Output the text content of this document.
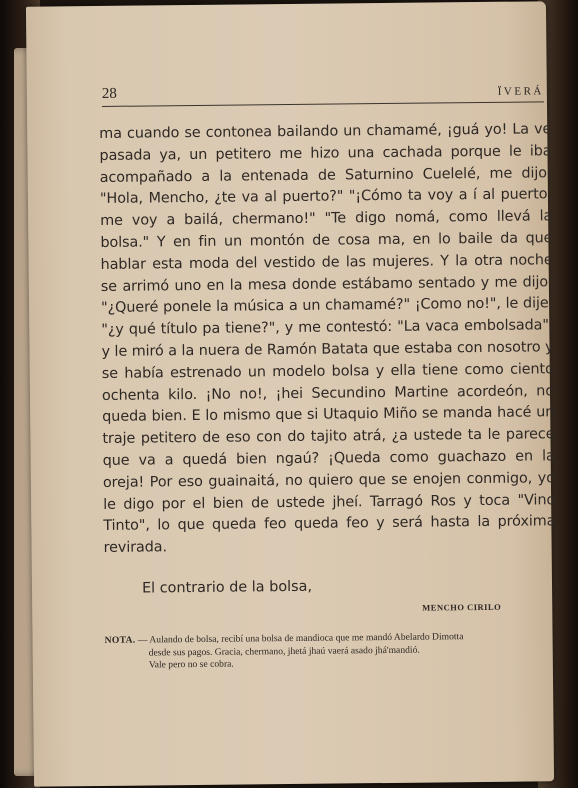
28	ÏVERÁ

ma cuando se contonea bailando un chamamé, ¡guá yo! La ve pasada ya, un petitero me hizo una cachada porque le iba acompañado a la entenada de Saturnino Cuelelé, me dijo: "Hola, Mencho, ¿te va al puerto?" "¡Cómo ta voy a í al puerto, me voy a bailá, chermano!" "Te digo nomá, como llevá la bolsa." Y en fin un montón de cosa ma, en lo baile da que hablar esta moda del vestido de las mujeres. Y la otra noche se arrimó uno en la mesa donde estábamo sentado y me dijo: "¿Queré ponele la música a un chamamé?" ¡Como no!", le dije, "¿y qué título pa tiene?", y me contestó: "La vaca embolsada", y le miró a la nuera de Ramón Batata que estaba con nosotro y se había estrenado un modelo bolsa y ella tiene como ciento ochenta kilo. ¡No no!, ¡hei Secundino Martine acordeón, no queda bien. E lo mismo que si Utaquio Miño se manda hacé un traje petitero de eso con do tajito atrá, ¿a ustede ta le parece que va a quedá bien ngaú? ¡Queda como guachazo en la oreja! Por eso guainaitá, no quiero que se enojen conmigo, yo le digo por el bien de ustede jheí. Tarragó Ros y toca "Vino Tinto", lo que queda feo queda feo y será hasta la próxima revirada.

El contrario de la bolsa,
MENCHO CIRILO
NOTA. — Aulando de bolsa, recibí una bolsa de mandioca que me mandó Abelardo Dimotta
desde sus pagos. Gracia, chermano, jhetá jhaú vaerá asado jhá'mandió.
Vale pero no se cobra.
